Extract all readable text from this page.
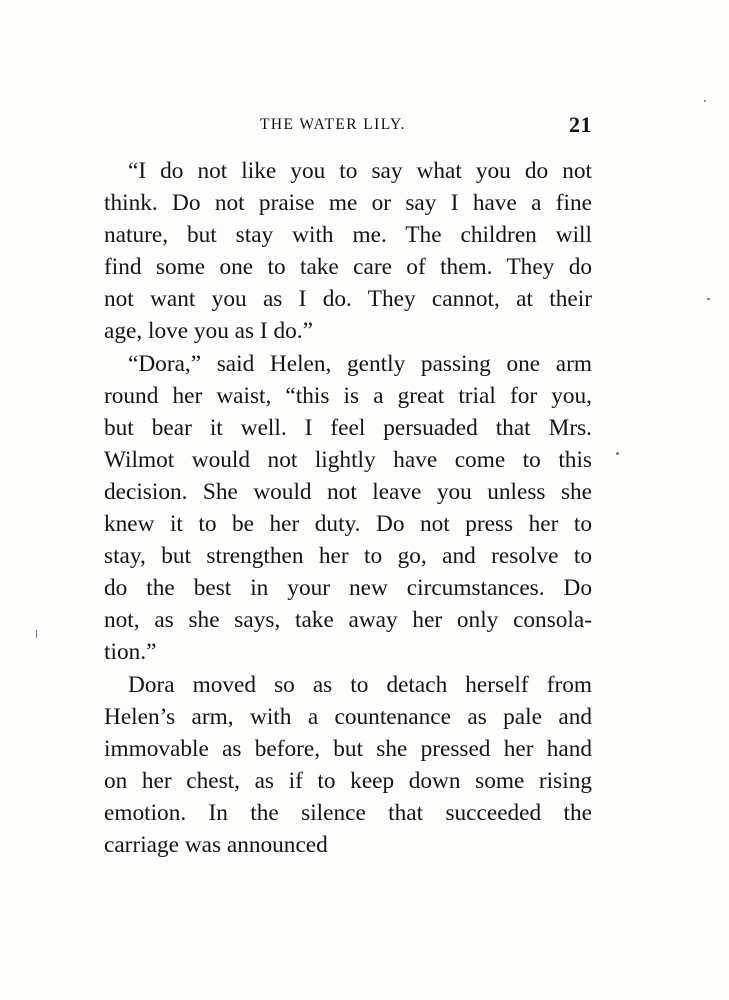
THE WATER LILY.	21
“I do not like you to say what you do not
think. Do not praise me or say I have a fine
nature, but stay with me. The children will
find some one to take care of them. They do
not want you as I do. They cannot, at their
age, love you as I do.”
“Dora,” said Helen, gently passing one arm
round her waist, “this is a great trial for you,
but bear it well. I feel persuaded that Mrs.
Wilmot would not lightly have come to this
decision. She would not leave you unless she
knew it to be her duty. Do not press her to
stay, but strengthen her to go, and resolve to
do the best in your new circumstances. Do
not, as she says, take away her only consola-
tion.”
Dora moved so as to detach herself from
Helen’s arm, with a countenance as pale and
immovable as before, but she pressed her hand
on her chest, as if to keep down some rising
emotion. In the silence that succeeded the
carriage was announced
